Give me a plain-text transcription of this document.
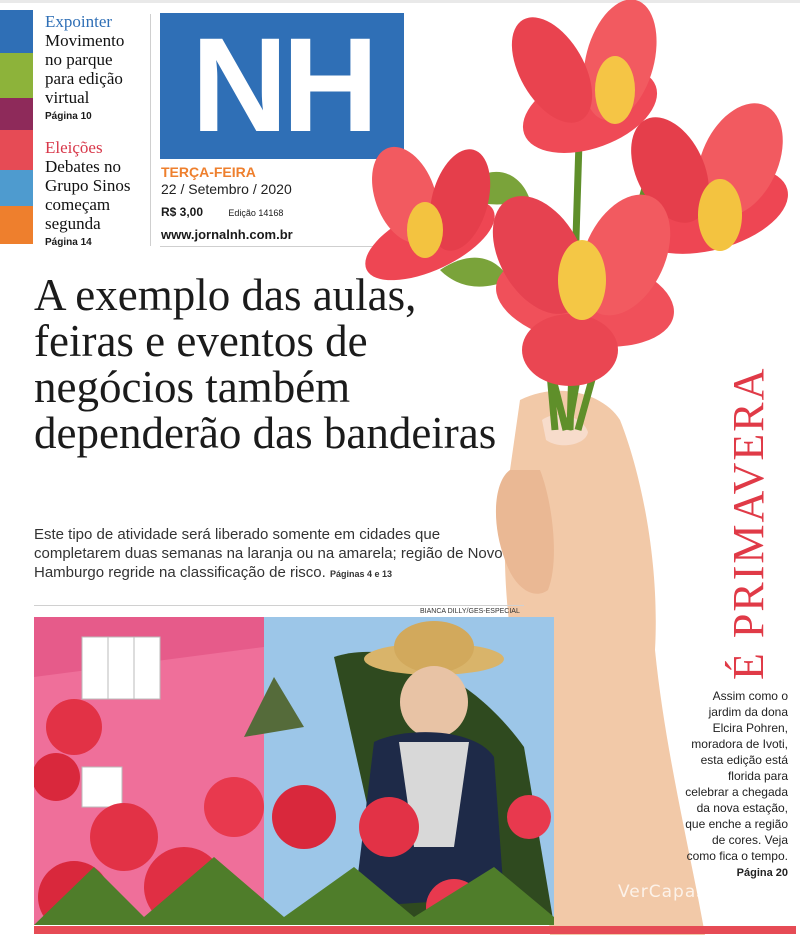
Expointer
Movimento no parque para edição virtual
Página 10
Eleições
Debates no Grupo Sinos começam segunda
Página 14
NH
TERÇA-FEIRA
22 / Setembro / 2020
R$ 3,00	Edição 14168
www.jornalnh.com.br
A exemplo das aulas, feiras e eventos de negócios também dependerão das bandeiras
Este tipo de atividade será liberado somente em cidades que completarem duas semanas na laranja ou na amarela; região de Novo Hamburgo regride na classificação de risco. Páginas 4 e 13
BIANCA DILLY/GES-ESPECIAL	É PRIMAVERA
Assim como o jardim da dona Elcira Pohren, moradora de Ivoti, esta edição está florida para celebrar a chegada da nova estação, que enche a região de cores. Veja como fica o tempo.
Página 20
VerCapas.com.br
